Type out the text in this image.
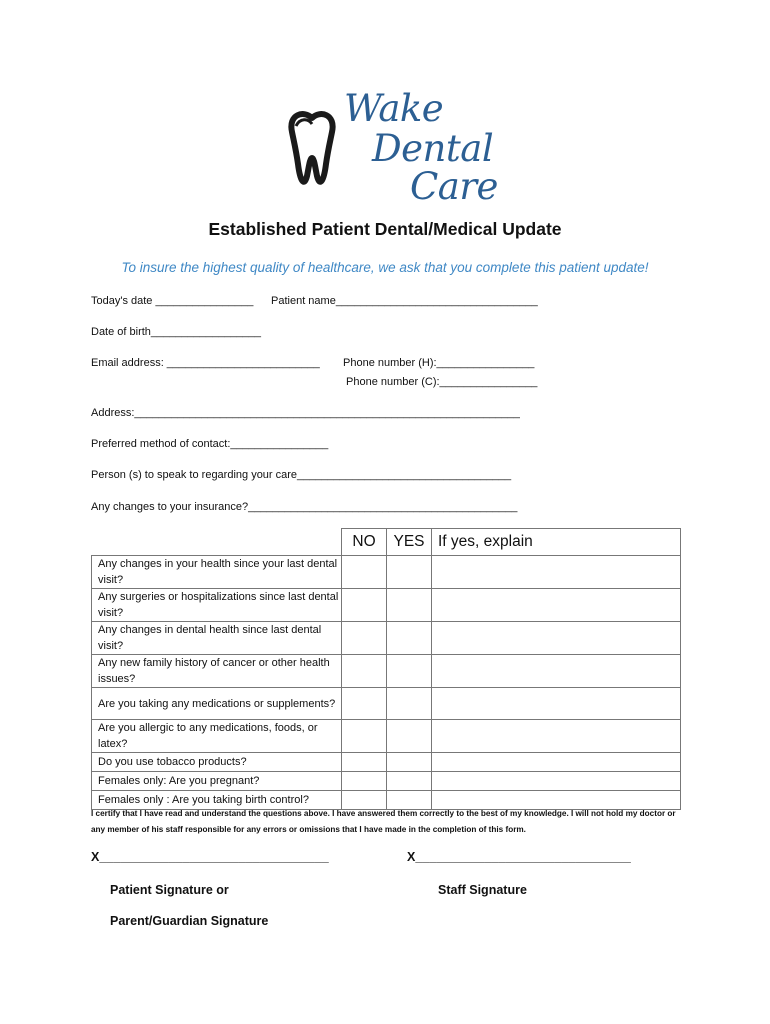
Wake
Dental
Care
Established Patient Dental/Medical Update
To insure the highest quality of healthcare, we ask that you complete this patient update!
Today's date ________________ Patient name_________________________________
Date of birth__________________
Email address: _________________________ Phone number (H):________________
Phone number (C):________________
Address:_______________________________________________________________
Preferred method of contact:________________
Person (s) to speak to regarding your care___________________________________
Any changes to your insurance?____________________________________________
	NO	YES	If yes, explain
Any changes in your health since your last dental visit?			
Any surgeries or hospitalizations since last dental visit?			
Any changes in dental health since last dental visit?			
Any new family history of cancer or other health issues?			
Are you taking any medications or supplements?			
Are you allergic to any medications, foods, or latex?			
Do you use tobacco products?			
Females only: Are you pregnant?			
Females only : Are you taking birth control?			
I certify that I have read and understand the questions above. I have answered them correctly to the best of my knowledge. I will not hold my doctor or any member of his staff responsible for any errors or omissions that I have made in the completion of this form.
X_________________________________	X_______________________________
Patient Signature or	Staff Signature
Parent/Guardian Signature
